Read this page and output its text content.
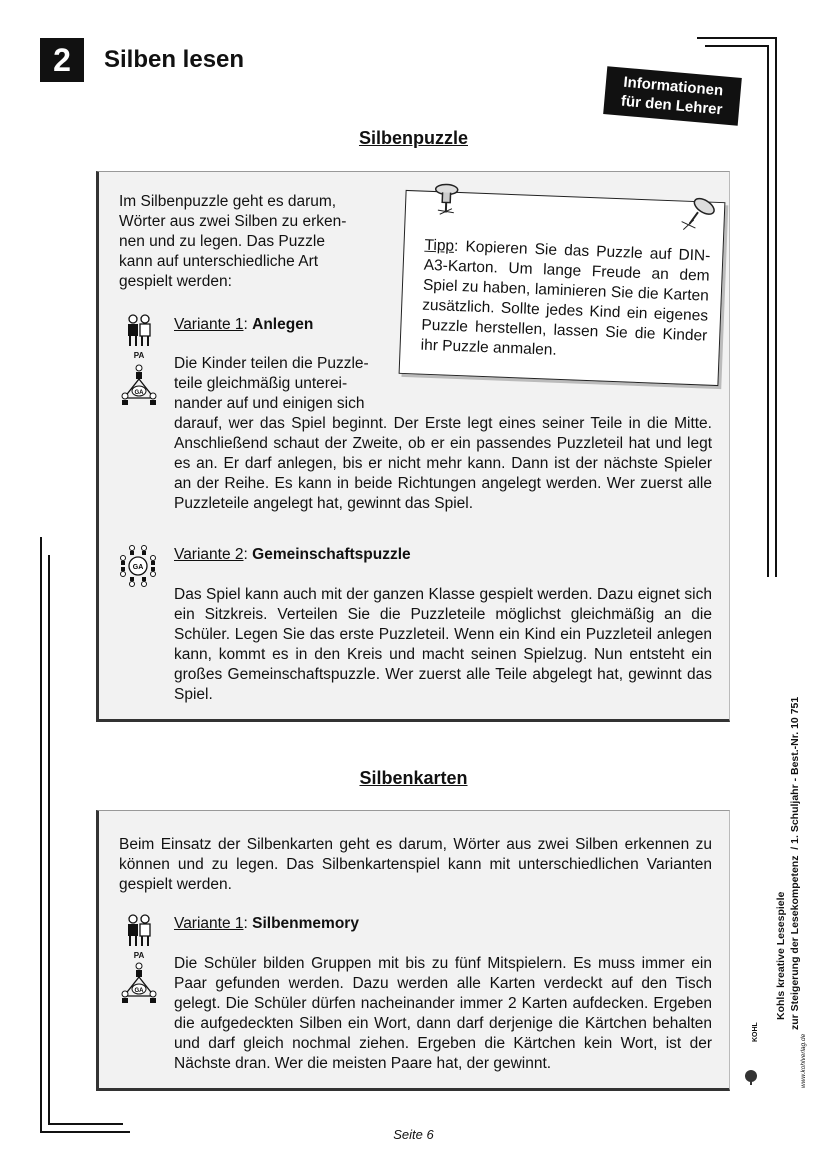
2	Silben lesen
Informationen
für den Lehrer
Silbenpuzzle
Im Silbenpuzzle geht es darum,
Wörter aus zwei Silben zu erken-
nen und zu legen. Das Puzzle
kann auf unterschiedliche Art
gespielt werden:
Tipp: Kopieren Sie das Puzzle auf DIN-A3-Karton. Um lange Freude an dem Spiel zu haben, laminieren Sie die Karten zusätzlich. Sollte jedes Kind ein eigenes Puzzle herstellen, lassen Sie die Kinder ihr Puzzle anmalen.
PA
GA
Variante 1: Anlegen
Die Kinder teilen die Puzzle-
teile gleichmäßig unterei-
nander auf und einigen sich
darauf, wer das Spiel beginnt. Der Erste legt eines seiner Teile in die Mitte. Anschließend schaut der Zweite, ob er ein passendes Puzzleteil hat und legt es an. Er darf anlegen, bis er nicht mehr kann. Dann ist der nächste Spieler an der Reihe. Es kann in beide Richtungen angelegt werden. Wer zuerst alle Puzzleteile angelegt hat, gewinnt das Spiel.
GA
Variante 2: Gemeinschaftspuzzle
Das Spiel kann auch mit der ganzen Klasse gespielt werden. Dazu eignet sich ein Sitzkreis. Verteilen Sie die Puzzleteile möglichst gleichmäßig an die Schüler. Legen Sie das erste Puzzleteil. Wenn ein Kind ein Puzzleteil anlegen kann, kommt es in den Kreis und macht seinen Spielzug. Nun entsteht ein großes Gemeinschaftspuzzle. Wer zuerst alle Teile abgelegt hat, gewinnt das Spiel.
Silbenkarten
Beim Einsatz der Silbenkarten geht es darum, Wörter aus zwei Silben erkennen zu können und zu legen. Das Silbenkartenspiel kann mit unterschiedlichen Varianten gespielt werden.
PA
GA
Variante 1: Silbenmemory
Die Schüler bilden Gruppen mit bis zu fünf Mitspielern. Es muss immer ein Paar gefunden werden. Dazu werden alle Karten verdeckt auf den Tisch gelegt. Die Schüler dürfen nacheinander immer 2 Karten aufdecken. Ergeben die aufgedeckten Silben ein Wort, dann darf derjenige die Kärtchen behalten und darf gleich nochmal ziehen. Ergeben die Kärtchen kein Wort, ist der Nächste dran. Wer die meisten Paare hat, der gewinnt.
Kohls kreative Lesespiele zur Steigerung der Lesekompetenz  / 1. Schuljahr - Best.-Nr. 10 751
KOHL
www.kohlverlag.de
Seite 6
